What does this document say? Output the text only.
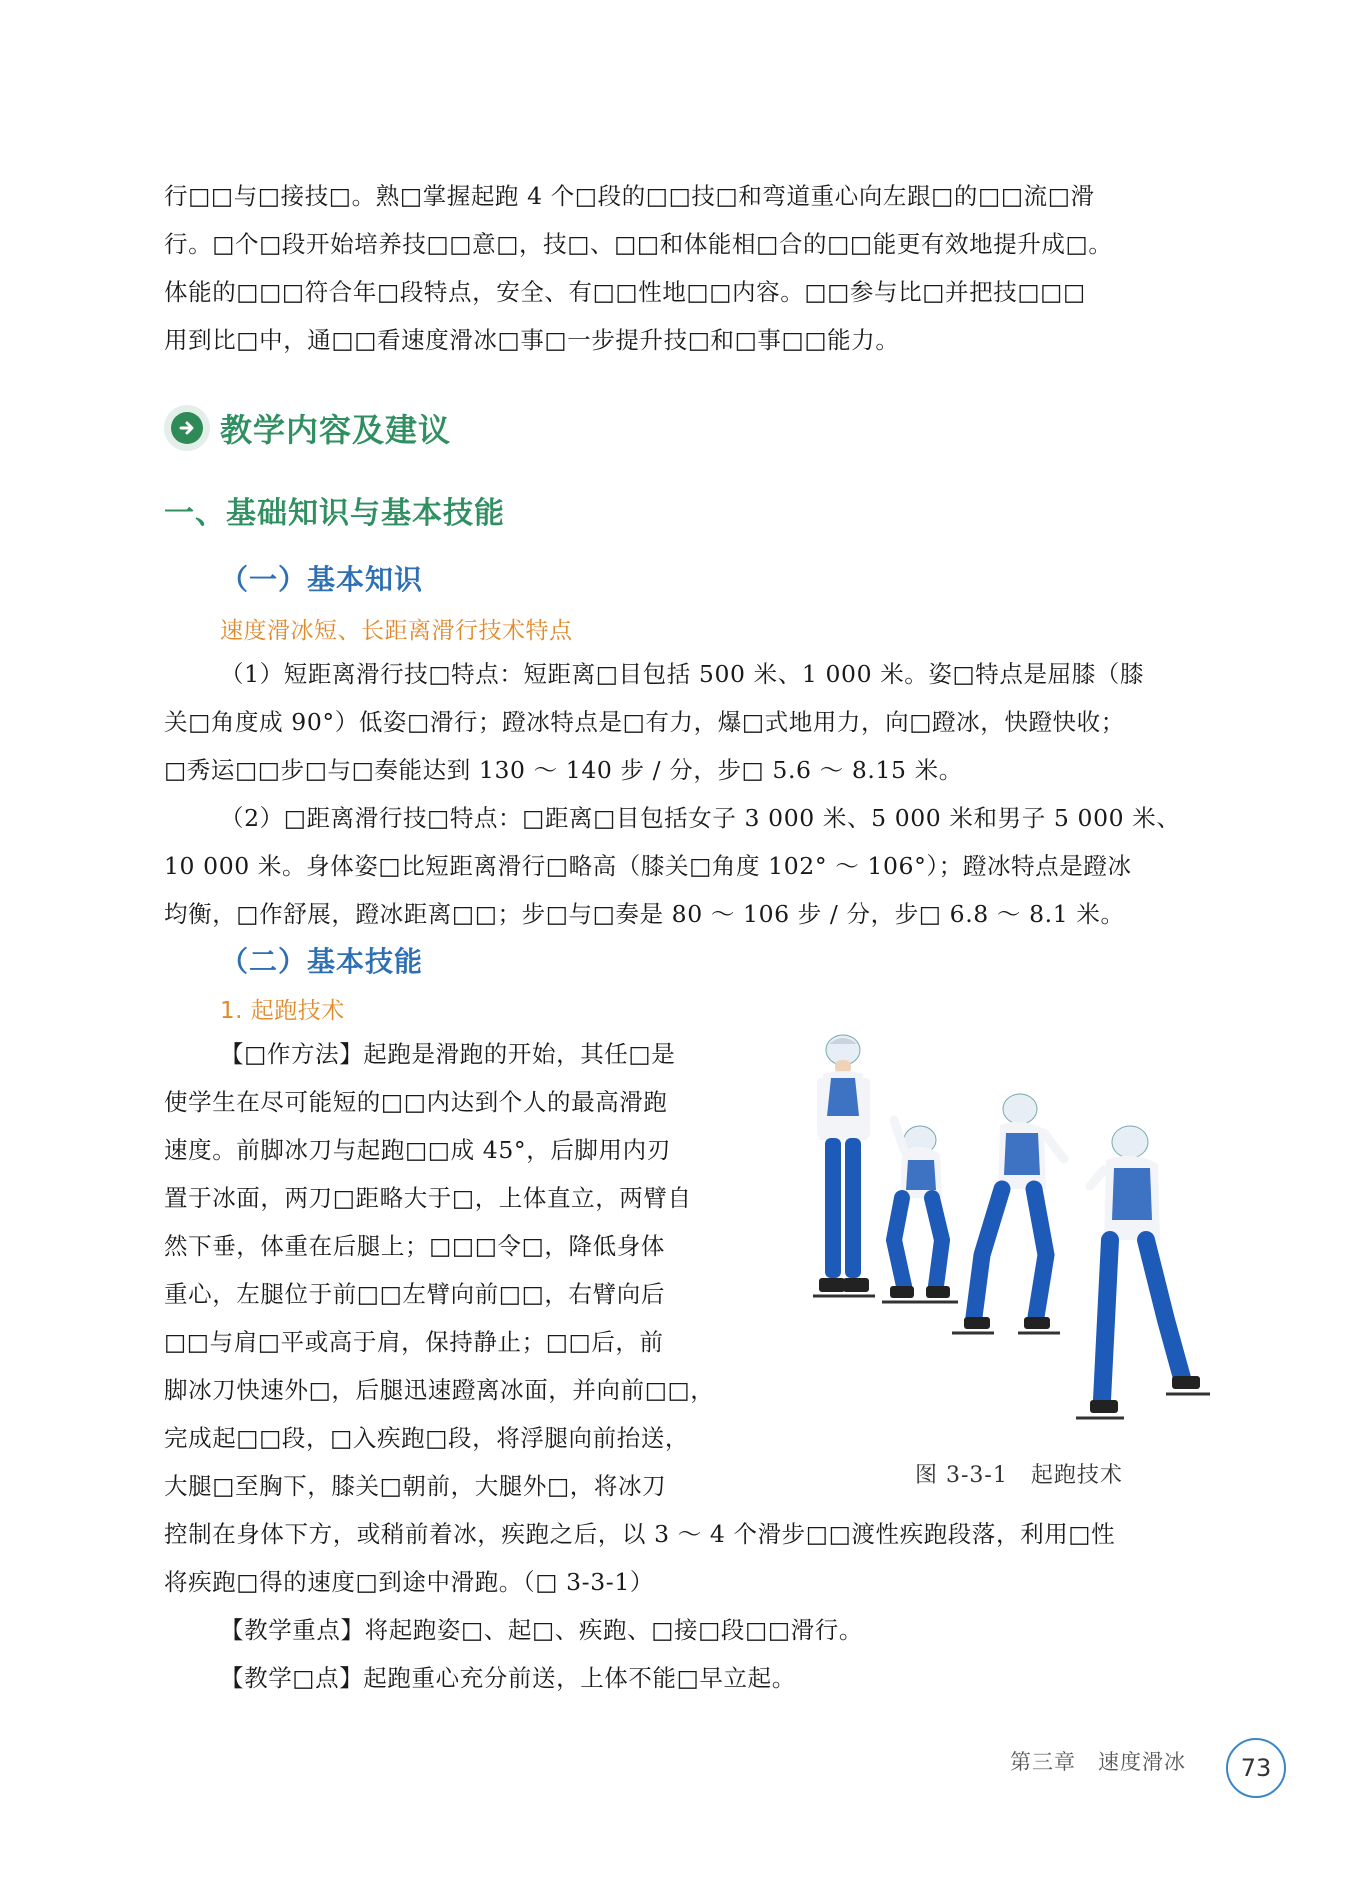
行□□与□接技□。熟□掌握起跑 4 个□段的□□技□和弯道重心向左跟□的□□流□滑
行。□个□段开始培养技□□意□，技□、□□和体能相□合的□□能更有效地提升成□。
体能的□□□符合年□段特点，安全、有□□性地□□内容。□□参与比□并把技□□□
用到比□中，通□□看速度滑冰□事□一步提升技□和□事□□能力。
教学内容及建议
一、基础知识与基本技能
（一）基本知识
速度滑冰短、长距离滑行技术特点
（1）短距离滑行技□特点：短距离□目包括 500 米、1 000 米。姿□特点是屈膝（膝
关□角度成 90°）低姿□滑行；蹬冰特点是□有力，爆□式地用力，向□蹬冰，快蹬快收；
□秀运□□步□与□奏能达到 130 ～ 140 步 / 分，步□ 5.6 ～ 8.15 米。
（2）□距离滑行技□特点：□距离□目包括女子 3 000 米、5 000 米和男子 5 000 米、
10 000 米。身体姿□比短距离滑行□略高（膝关□角度 102° ～ 106°）；蹬冰特点是蹬冰
均衡，□作舒展，蹬冰距离□□；步□与□奏是 80 ～ 106 步 / 分，步□ 6.8 ～ 8.1 米。
（二）基本技能
1. 起跑技术
【□作方法】起跑是滑跑的开始，其任□是
使学生在尽可能短的□□内达到个人的最高滑跑
速度。前脚冰刀与起跑□□成 45°，后脚用内刃
置于冰面，两刀□距略大于□，上体直立，两臂自
然下垂，体重在后腿上；□□□令□，降低身体
重心，左腿位于前□□左臂向前□□，右臂向后
□□与肩□平或高于肩，保持静止；□□后，前
脚冰刀快速外□，后腿迅速蹬离冰面，并向前□□，
完成起□□段，□入疾跑□段，将浮腿向前抬送，
大腿□至胸下，膝关□朝前，大腿外□，将冰刀
控制在身体下方，或稍前着冰，疾跑之后，以 3 ～ 4 个滑步□□渡性疾跑段落，利用□性
将疾跑□得的速度□到途中滑跑。（□ 3-3-1）
【教学重点】将起跑姿□、起□、疾跑、□接□段□□滑行。
【教学□点】起跑重心充分前送，上体不能□早立起。
图 3-3-1　起跑技术
第三章　速度滑冰 73
